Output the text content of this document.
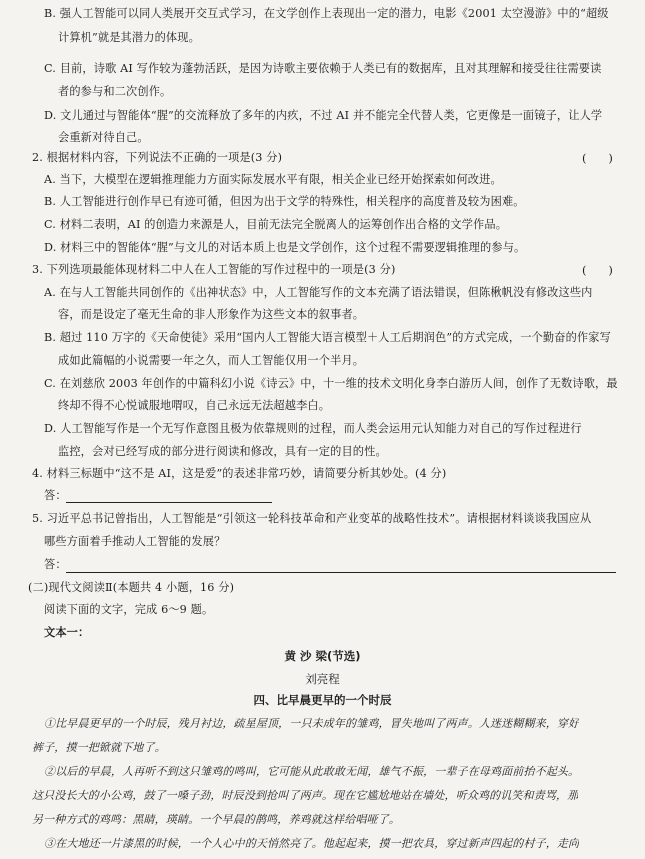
B. 强人工智能可以同人类展开交互式学习，在文学创作上表现出一定的潜力，电影《2001 太空漫游》中的“超级
计算机”就是其潜力的体现。
C. 目前，诗歌 AI 写作较为蓬勃活跃，是因为诗歌主要依赖于人类已有的数据库，且对其理解和接受往往需要读
者的参与和二次创作。
D. 文儿通过与智能体“腥”的交流释放了多年的内疚，不过 AI 并不能完全代替人类，它更像是一面镜子，让人学
会重新对待自己。
2. 根据材料内容，下列说法不正确的一项是(3 分)	(      )
A. 当下，大模型在逻辑推理能力方面实际发展水平有限，相关企业已经开始探索如何改进。
B. 人工智能进行创作早已有迹可循，但因为出于文学的特殊性，相关程序的高度普及较为困难。
C. 材料二表明，AI 的创造力来源是人，目前无法完全脱离人的运筹创作出合格的文学作品。
D. 材料三中的智能体“腥”与文儿的对话本质上也是文学创作，这个过程不需要逻辑推理的参与。
3. 下列选项最能体现材料二中人在人工智能的写作过程中的一项是(3 分)	(      )
A. 在与人工智能共同创作的《出神状态》中，人工智能写作的文本充满了语法错误，但陈楸帆没有修改这些内
容，而是设定了毫无生命的非人形象作为这些文本的叙事者。
B. 超过 110 万字的《天命使徒》采用“国内人工智能大语言模型＋人工后期润色”的方式完成，一个勤奋的作家写
成如此篇幅的小说需要一年之久，而人工智能仅用一个半月。
C. 在刘慈欣 2003 年创作的中篇科幻小说《诗云》中，十一维的技术文明化身李白游历人间，创作了无数诗歌，最
终却不得不心悦诚服地喟叹，自己永远无法超越李白。
D. 人工智能写作是一个无写作意图且极为依靠规则的过程，而人类会运用元认知能力对自己的写作过程进行
监控，会对已经写成的部分进行阅读和修改，具有一定的目的性。
4. 材料三标题中“这不是 AI，这是爱”的表述非常巧妙，请简要分析其妙处。(4 分)
答：
5. 习近平总书记曾指出，人工智能是“引领这一轮科技革命和产业变革的战略性技术”。请根据材料谈谈我国应从
哪些方面着手推动人工智能的发展？
答：
(二)现代文阅读Ⅱ(本题共 4 小题，16 分)
阅读下面的文字，完成 6～9 题。
文本一：
黄 沙 梁(节选)
刘亮程
四、比早晨更早的一个时辰
①比早晨更早的一个时辰，残月衬边，疏星屋顶，一只未成年的雏鸡，冒失地叫了两声。人迷迷糊糊来，穿好
裤子，摸一把锨就下地了。
②以后的早晨，人再听不到这只雏鸡的鸣叫，它可能从此敢敢无闻，雄气不振，一辈子在母鸡面前抬不起头。
这只没长大的小公鸡，鼓了一嗓子劲，时辰没到抢叫了两声。现在它尴尬地站在墙处，听众鸡的讥笑和责骂，那
另一种方式的鸡鸣：黑睛，瑛睛。一个早晨的鹊鸣，养鸡就这样给唱哑了。
③在大地还一片漆黑的时候，一个人心中的天悄然亮了。他起起来，摸一把农具，穿过新声四起的村子，走向
